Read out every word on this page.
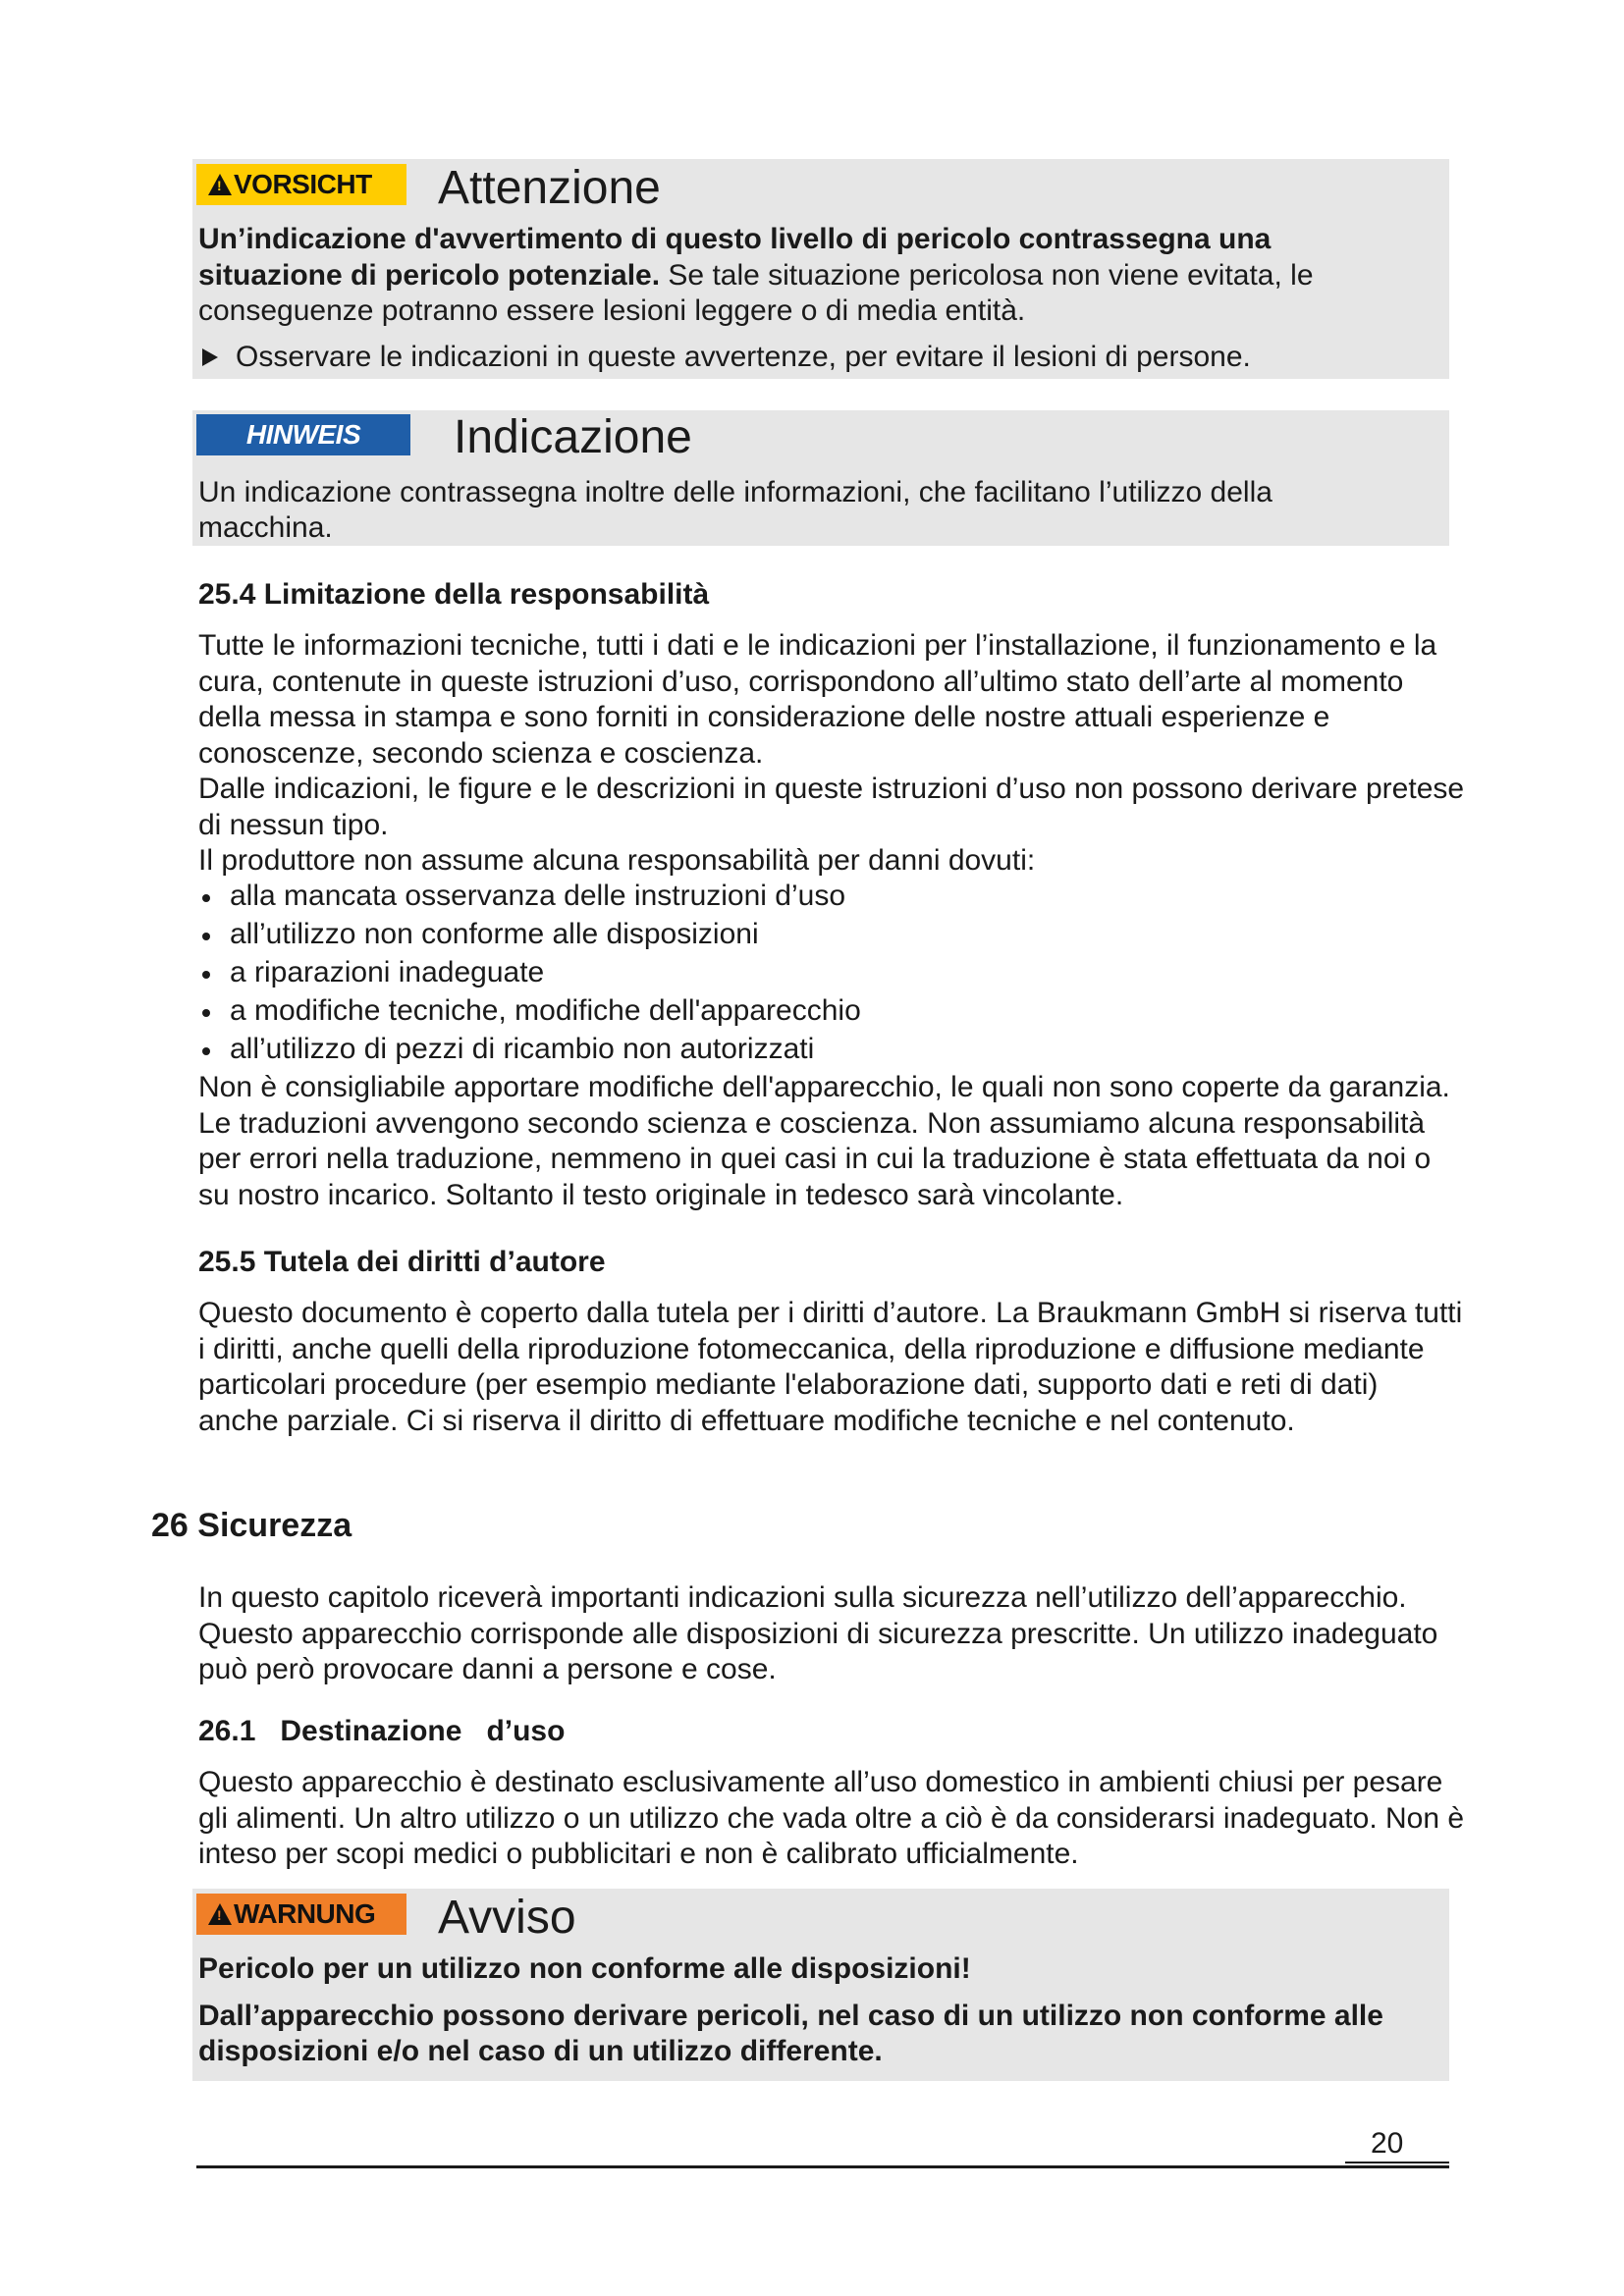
!VORSICHT	Attenzione
Un’indicazione d'avvertimento di questo livello di pericolo contrassegna una situazione di pericolo potenziale. Se tale situazione pericolosa non viene evitata, le conseguenze potranno essere lesioni leggere o di media entità.
Osservare le indicazioni in queste avvertenze, per evitare il lesioni di persone.
HINWEIS	Indicazione
Un indicazione contrassegna inoltre delle informazioni, che facilitano l’utilizzo della macchina.
25.4 Limitazione della responsabilità
Tutte le informazioni tecniche, tutti i dati e le indicazioni per l’installazione, il funzionamento e la cura, contenute in queste istruzioni d’uso, corrispondono all’ultimo stato dell’arte al momento della messa in stampa e sono forniti in considerazione delle nostre attuali esperienze e conoscenze, secondo scienza e coscienza.
Dalle indicazioni, le figure e le descrizioni in queste istruzioni d’uso non possono derivare pretese di nessun tipo.
Il produttore non assume alcuna responsabilità per danni dovuti:
alla mancata osservanza delle instruzioni d’uso
all’utilizzo non conforme alle disposizioni
a riparazioni inadeguate
a modifiche tecniche, modifiche dell'apparecchio
all’utilizzo di pezzi di ricambio non autorizzati
Non è consigliabile apportare modifiche dell'apparecchio, le quali non sono coperte da garanzia. Le traduzioni avvengono secondo scienza e coscienza. Non assumiamo alcuna responsabilità per errori nella traduzione, nemmeno in quei casi in cui la traduzione è stata effettuata da noi o su nostro incarico. Soltanto il testo originale in tedesco sarà vincolante.
25.5 Tutela dei diritti d’autore
Questo documento è coperto dalla tutela per i diritti d’autore. La Braukmann GmbH si riserva tutti i diritti, anche quelli della riproduzione fotomeccanica, della riproduzione e diffusione mediante particolari procedure (per esempio mediante l'elaborazione dati, supporto dati e reti di dati) anche parziale. Ci si riserva il diritto di effettuare modifiche tecniche e nel contenuto.
26 Sicurezza
In questo capitolo riceverà importanti indicazioni sulla sicurezza nell’utilizzo dell’apparecchio. Questo apparecchio corrisponde alle disposizioni di sicurezza prescritte. Un utilizzo inadeguato può però provocare danni a persone e cose.
26.1   Destinazione   d’uso
Questo apparecchio è destinato esclusivamente all’uso domestico in ambienti chiusi per pesare gli alimenti. Un altro utilizzo o un utilizzo che vada oltre a ciò è da considerarsi inadeguato. Non è inteso per scopi medici o pubblicitari e non è calibrato ufficialmente.
!WARNUNG	Avviso
Pericolo per un utilizzo non conforme alle disposizioni!
Dall’apparecchio possono derivare pericoli, nel caso di un utilizzo non conforme alle disposizioni e/o nel caso di un utilizzo differente.
20
